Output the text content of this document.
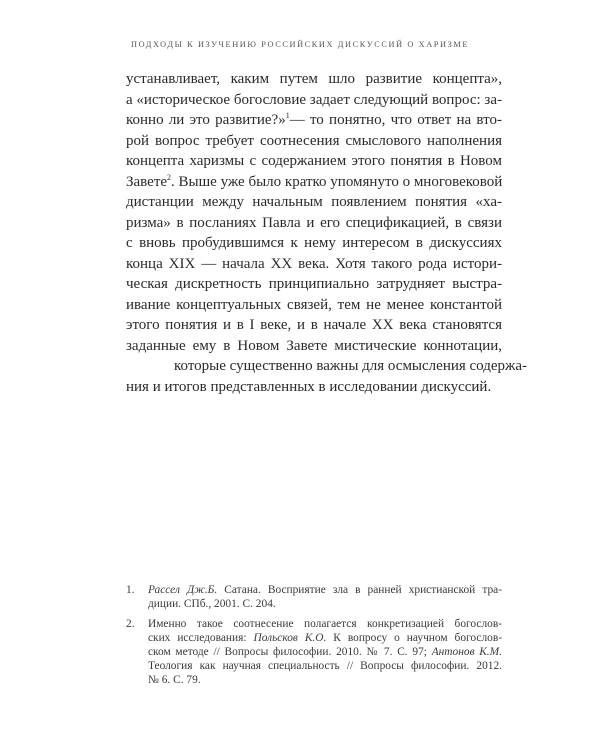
ПОДХОДЫ К ИЗУЧЕНИЮ РОССИЙСКИХ ДИСКУССИЙ О ХАРИЗМЕ
устанавливает, каким путем шло развитие концепта»,
а «историческое богословие задает следующий вопрос: за-
конно ли это развитие?»$^1$— то понятно, что ответ на вто-
рой вопрос требует соотнесения смыслового наполнения
концепта харизмы с содержанием этого понятия в Новом
Завете$^2$. Выше уже было кратко упомянуто о многовековой
дистанции между начальным появлением понятия «ха-
ризма» в посланиях Павла и его спецификацией, в связи
с вновь пробудившимся к нему интересом в дискуссиях
конца XIX — начала XX века. Хотя такого рода истори-
ческая дискретность принципиально затрудняет выстра-
ивание концептуальных связей, тем не менее константой
этого понятия и в I веке, и в начале XX века становятся
заданные ему в Новом Завете мистические коннотации,
которые существенно важны для осмысления содержа-
ния и итогов представленных в исследовании дискуссий.
1. Рассел Дж.Б. Сатана. Восприятие зла в ранней христианской тра-
диции. СПб., 2001. С. 204.
2. Именно такое соотнесение полагается конкретизацией богослов-
ских исследования: Польсков К.О. К вопросу о научном богослов-
ском методе // Вопросы философии. 2010. № 7. С. 97; Антонов К.М.
Теология как научная специальность // Вопросы философии. 2012.
№ 6. С. 79.
